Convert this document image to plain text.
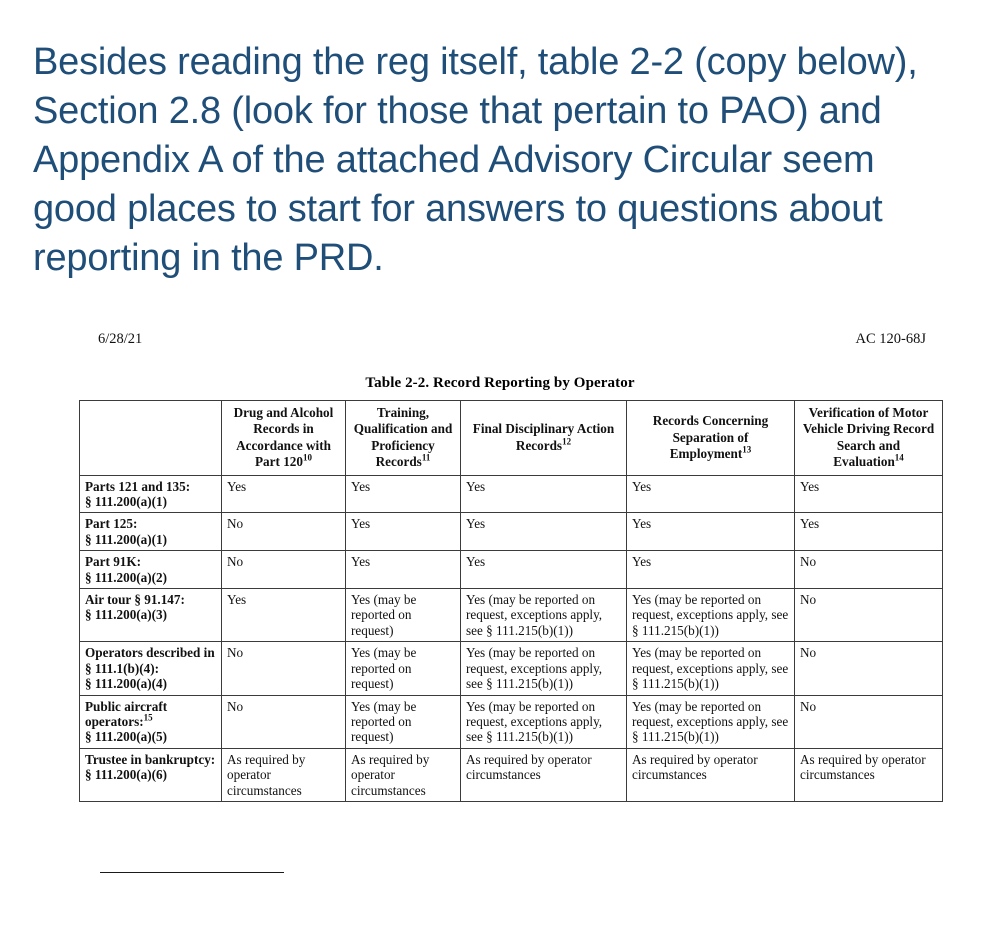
Besides reading the reg itself, table 2-2 (copy below), Section 2.8 (look for those that pertain to PAO) and Appendix A of the attached Advisory Circular seem good places to start for answers to questions about reporting in the PRD.
6/28/21	AC 120-68J
Table 2-2. Record Reporting by Operator
	Drug and Alcohol Records in Accordance with Part $120^{10}$	Training, Qualification and Proficiency Records$^{11}$	Final Disciplinary Action Records$^{12}$	Records Concerning Separation of Employment$^{13}$	Verification of Motor Vehicle Driving Record Search and Evaluation$^{14}$
Parts 121 and 135:
§ 111.200(a)(1)	Yes	Yes	Yes	Yes	Yes
Part 125:
§ 111.200(a)(1)	No	Yes	Yes	Yes	Yes
Part 91K:
§ 111.200(a)(2)	No	Yes	Yes	Yes	No
Air tour § 91.147:
§ 111.200(a)(3)	Yes	Yes (may be reported on request)	Yes (may be reported on request, exceptions apply, see § 111.215(b)(1))	Yes (may be reported on request, exceptions apply, see § 111.215(b)(1))	No
Operators described in § 111.1(b)(4):
§ 111.200(a)(4)	No	Yes (may be reported on request)	Yes (may be reported on request, exceptions apply, see § 111.215(b)(1))	Yes (may be reported on request, exceptions apply, see § 111.215(b)(1))	No
Public aircraft operators:$^{15}$
§ 111.200(a)(5)	No	Yes (may be reported on request)	Yes (may be reported on request, exceptions apply, see § 111.215(b)(1))	Yes (may be reported on request, exceptions apply, see § 111.215(b)(1))	No
Trustee in bankruptcy:
§ 111.200(a)(6)	As required by operator circumstances	As required by operator circumstances	As required by operator circumstances	As required by operator circumstances	As required by operator circumstances
